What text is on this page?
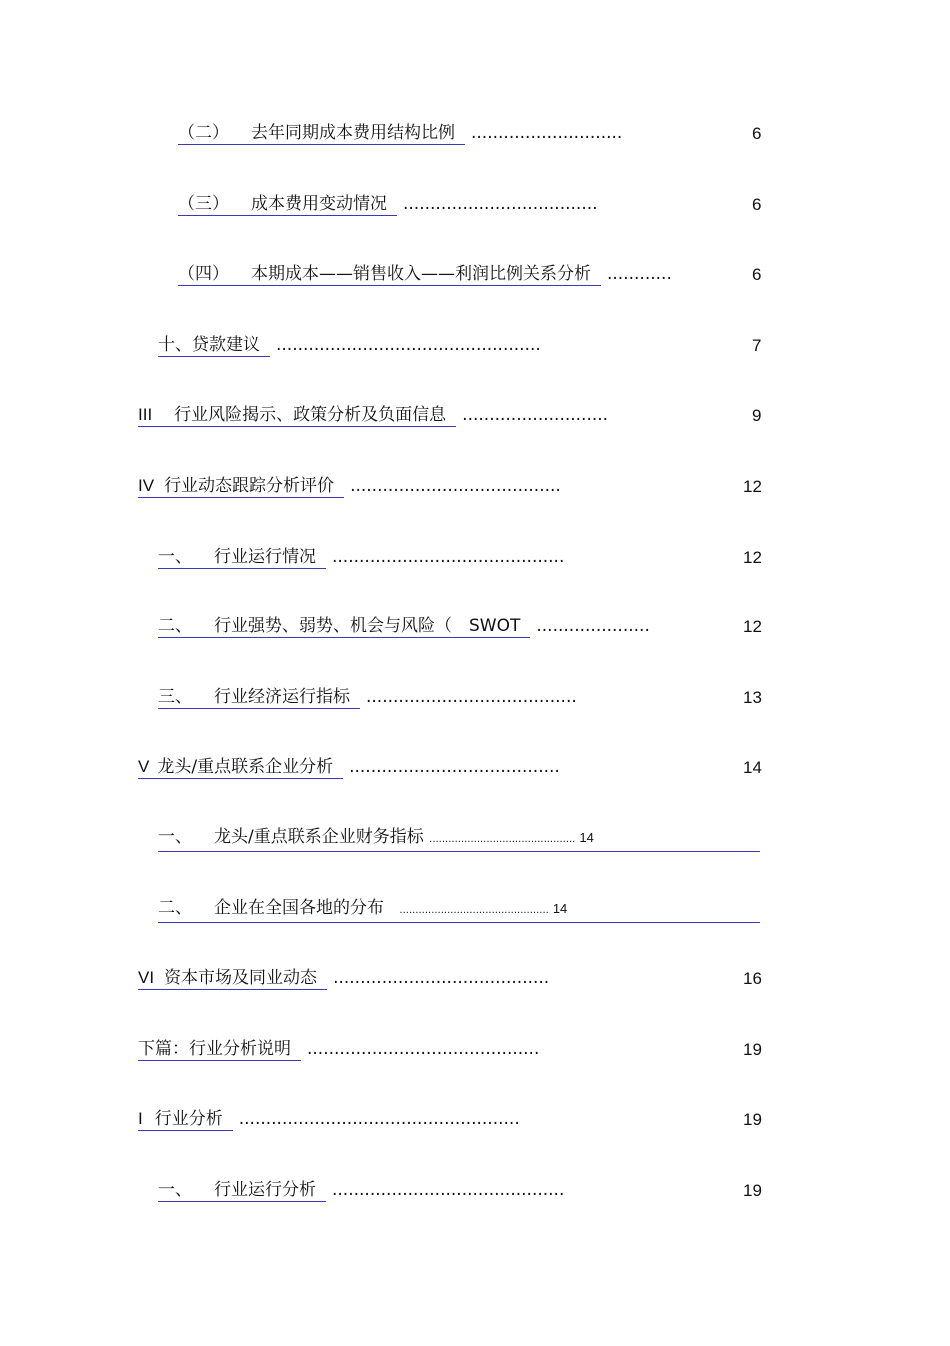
（二） 去年同期成本费用结构比例 ............................	6
（三） 成本费用变动情况 ....................................	6
（四） 本期成本——销售收入——利润比例关系分析 ............	6
十、贷款建议 .................................................	7
III 行业风险揭示、政策分析及负面信息 ...........................	9
IV 行业动态跟踪分析评价 .......................................	12
一、 行业运行情况 ...........................................	12
二、 行业强势、弱势、机会与风险（　SWOT .....................	12
三、 行业经济运行指标 .......................................	13
V 龙头/重点联系企业分析 .......................................	14
一、 龙头/重点联系企业财务指标 .............................................. 14
二、 企业在全国各地的分布 ............................................... 14
VI 资本市场及同业动态 ........................................	16
下篇：行业分析说明 ...........................................	19
I 行业分析 ....................................................	19
一、 行业运行分析 ...........................................	19
